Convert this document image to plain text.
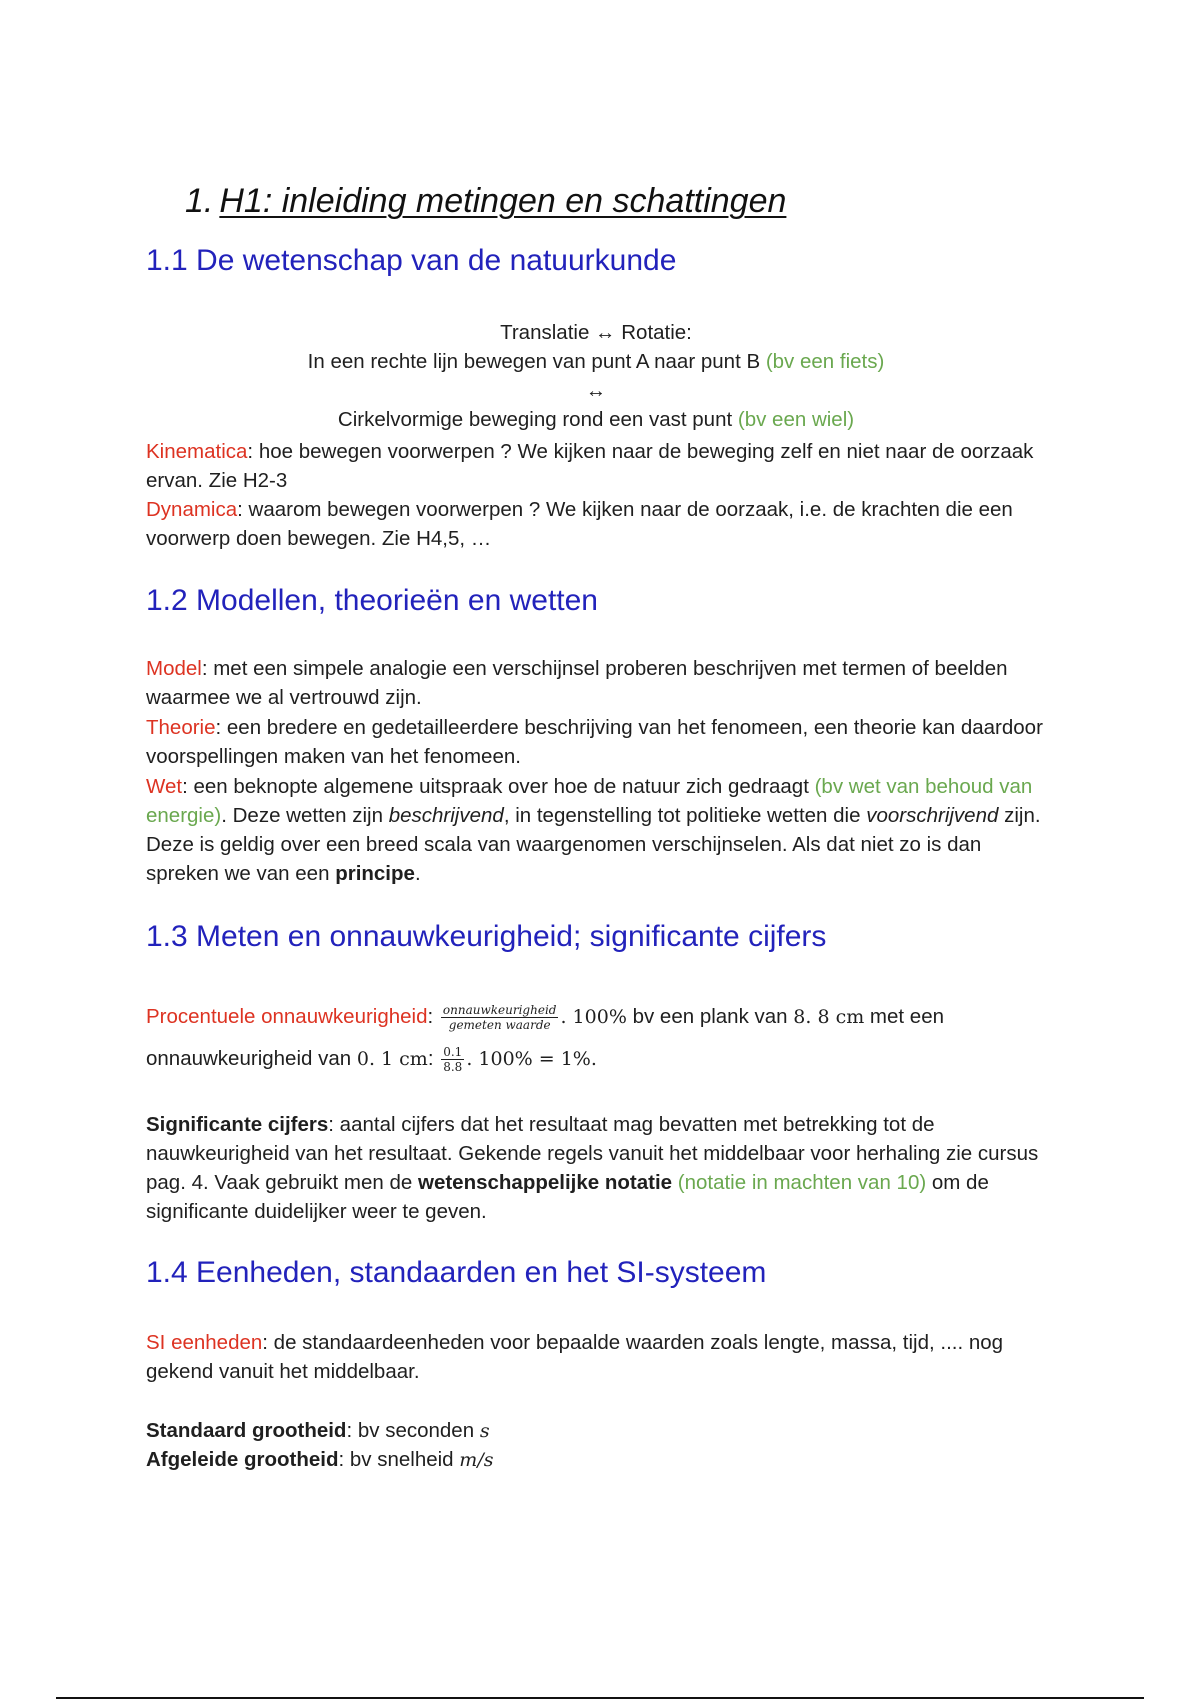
1. H1: inleiding metingen en schattingen
1.1 De wetenschap van de natuurkunde
Translatie ↔ Rotatie:
In een rechte lijn bewegen van punt A naar punt B (bv een fiets)
↔
Cirkelvormige beweging rond een vast punt (bv een wiel)

Kinematica: hoe bewegen voorwerpen ? We kijken naar de beweging zelf en niet naar de oorzaak ervan. Zie H2-3

Dynamica: waarom bewegen voorwerpen ? We kijken naar de oorzaak, i.e. de krachten die een voorwerp doen bewegen. Zie H4,5, …

1.2 Modellen, theorieën en wetten

Model: met een simpele analogie een verschijnsel proberen beschrijven met termen of beelden waarmee we al vertrouwd zijn.

Theorie: een bredere en gedetailleerdere beschrijving van het fenomeen, een theorie kan daardoor voorspellingen maken van het fenomeen.

Wet: een beknopte algemene uitspraak over hoe de natuur zich gedraagt (bv wet van behoud van energie). Deze wetten zijn beschrijvend, in tegenstelling tot politieke wetten die voorschrijvend zijn. Deze is geldig over een breed scala van waargenomen verschijnselen. Als dat niet zo is dan spreken we van een principe.

1.3 Meten en onnauwkeurigheid; significante cijfers

Procentuele onnauwkeurigheid: $\frac{\text{onnauwkeurigheid}}{\text{gemeten waarde}}$ . 100% bv een plank van 8. 8 cm met een onnauwkeurigheid van 0. 1 cm: $\frac{0.1}{8.8}$ . 100% = 1%.

Significante cijfers: aantal cijfers dat het resultaat mag bevatten met betrekking tot de nauwkeurigheid van het resultaat. Gekende regels vanuit het middelbaar voor herhaling zie cursus pag. 4. Vaak gebruikt men de wetenschappelijke notatie (notatie in machten van 10) om de significante duidelijker weer te geven.

1.4 Eenheden, standaarden en het SI-systeem

SI eenheden: de standaardeenheden voor bepaalde waarden zoals lengte, massa, tijd, .... nog gekend vanuit het middelbaar.

Standaard grootheid: bv seconden s

Afgeleide grootheid: bv snelheid m/s
